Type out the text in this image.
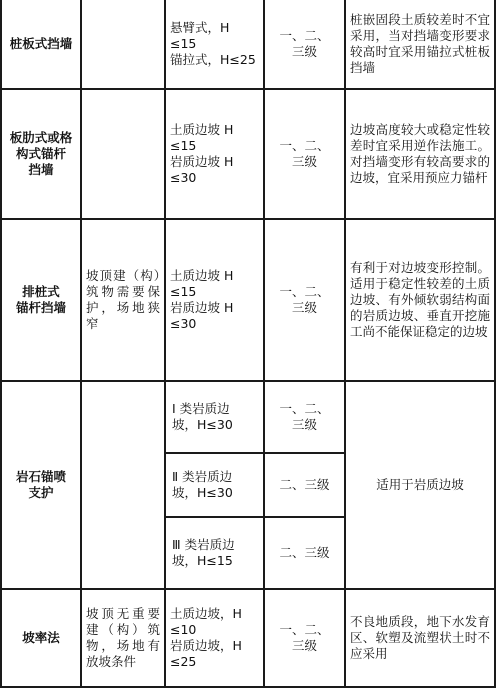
桩板式挡墙
悬臂式，H
≤15
锚拉式，H≤25
一、二、
三级
桩嵌固段土质较差时不宜采用，当对挡墙变形要求较高时宜采用锚拉式桩板挡墙
板肋式或格
构式锚杆
挡墙
土质边坡 H
≤15
岩质边坡 H
≤30
一、二、
三级
边坡高度较大或稳定性较差时宜采用逆作法施工。对挡墙变形有较高要求的边坡，宜采用预应力锚杆
排桩式
锚杆挡墙
坡顶建（构）筑物需要保护，场地狭窄
土质边坡 H
≤15
岩质边坡 H
≤30
一、二、
三级
有利于对边坡变形控制。适用于稳定性较差的土质边坡、有外倾软弱结构面的岩质边坡、垂直开挖施工尚不能保证稳定的边坡
岩石锚喷
支护
Ⅰ 类岩质边
坡，H≤30
一、二、
三级
Ⅱ 类岩质边
坡，H≤30
二、三级
Ⅲ 类岩质边
坡，H≤15
二、三级
适用于岩质边坡
坡率法
坡顶无重要建（构）筑物，场地有放坡条件
土质边坡，H
≤10
岩质边坡，H
≤25
一、二、
三级
不良地质段，地下水发育区、软塑及流塑状土时不应采用
